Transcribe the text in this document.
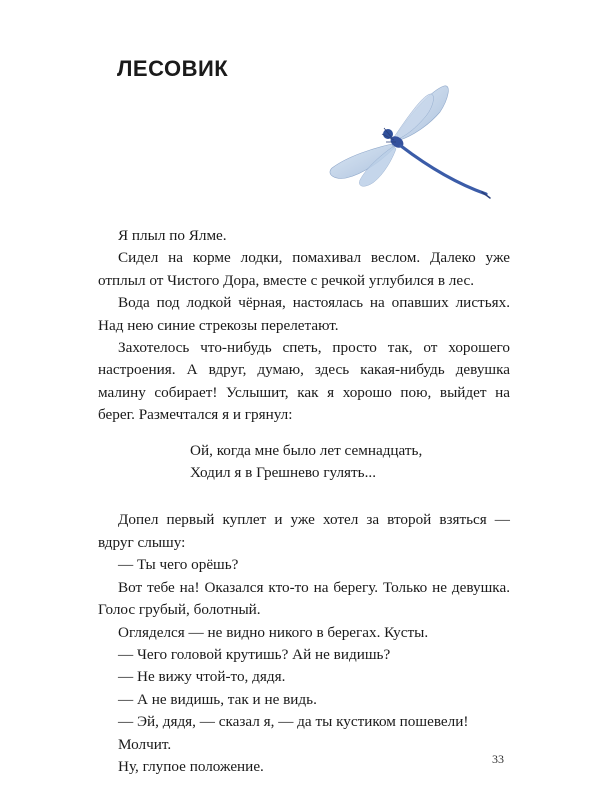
ЛЕСОВИК

Я плыл по Ялме.

Сидел на корме лодки, помахивал веслом. Далеко уже отплыл от Чистого Дора, вместе с речкой углубился в лес.

Вода под лодкой чёрная, настоялась на опавших листьях. Над нею синие стрекозы перелетают.

Захотелось что-нибудь спеть, просто так, от хорошего настроения. А вдруг, думаю, здесь какая-нибудь девушка малину собирает! Услышит, как я хорошо пою, выйдет на берег. Размечтался я и грянул:

Ой, когда мне было лет семнадцать,
Ходил я в Грешнево гулять...

Допел первый куплет и уже хотел за второй взяться — вдруг слышу:

— Ты чего орёшь?

Вот тебе на! Оказался кто-то на берегу. Только не девушка. Голос грубый, болотный.

Огляделся — не видно никого в берегах. Кусты.

— Чего головой крутишь? Ай не видишь?

— Не вижу чтой-то, дядя.

— А не видишь, так и не видь.

— Эй, дядя, — сказал я, — да ты кустиком пошевели!

Молчит.

Ну, глупое положение.	33
